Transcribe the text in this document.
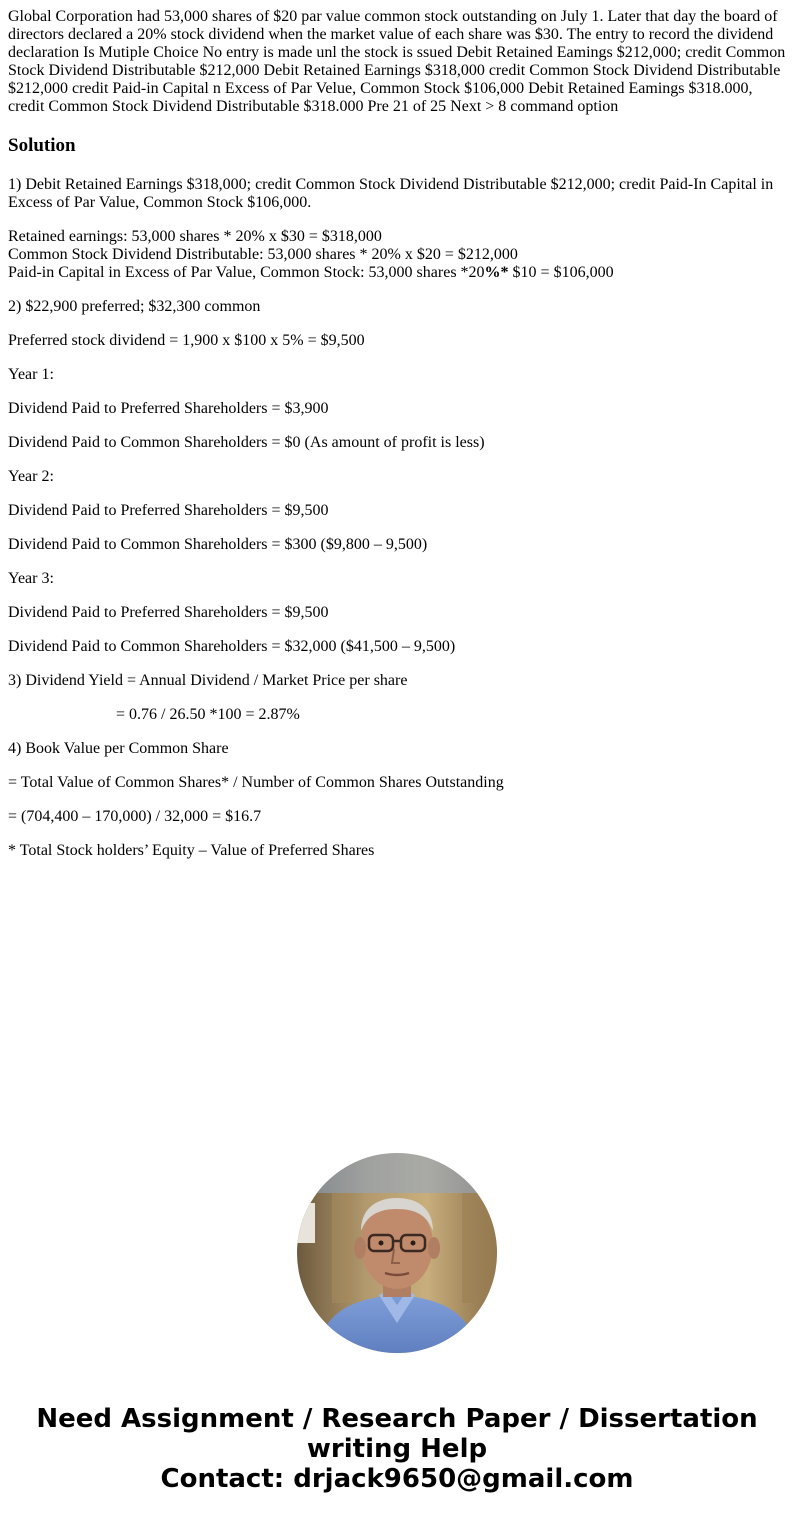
Global Corporation had 53,000 shares of $20 par value common stock outstanding on July 1. Later that day the board of directors declared a 20% stock dividend when the market value of each share was $30. The entry to record the dividend declaration Is Mutiple Choice No entry is made unl the stock is ssued Debit Retained Eamings $212,000; credit Common Stock Dividend Distributable $212,000 Debit Retained Earnings $318,000 credit Common Stock Dividend Distributable $212,000 credit Paid-in Capital n Excess of Par Velue, Common Stock $106,000 Debit Retained Eamings $318.000, credit Common Stock Dividend Distributable $318.000 Pre 21 of 25 Next > 8 command option
Solution
1) Debit Retained Earnings $318,000; credit Common Stock Dividend Distributable $212,000; credit Paid-In Capital in Excess of Par Value, Common Stock $106,000.
Retained earnings: 53,000 shares * 20% x $30 = $318,000
Common Stock Dividend Distributable: 53,000 shares * 20% x $20 = $212,000
Paid-in Capital in Excess of Par Value, Common Stock: 53,000 shares *20%* $10 = $106,000
2) $22,900 preferred; $32,300 common
Preferred stock dividend = 1,900 x $100 x 5% = $9,500
Year 1:
Dividend Paid to Preferred Shareholders = $3,900
Dividend Paid to Common Shareholders = $0 (As amount of profit is less)
Year 2:
Dividend Paid to Preferred Shareholders = $9,500
Dividend Paid to Common Shareholders = $300 ($9,800 – 9,500)
Year 3:
Dividend Paid to Preferred Shareholders = $9,500
Dividend Paid to Common Shareholders = $32,000 ($41,500 – 9,500)
3) Dividend Yield = Annual Dividend / Market Price per share
= 0.76 / 26.50 *100 = 2.87%
4) Book Value per Common Share
= Total Value of Common Shares* / Number of Common Shares Outstanding
= (704,400 – 170,000) / 32,000 = $16.7
* Total Stock holders’ Equity – Value of Preferred Shares
Need Assignment / Research Paper / Dissertation
writing Help
Contact: drjack9650@gmail.com
